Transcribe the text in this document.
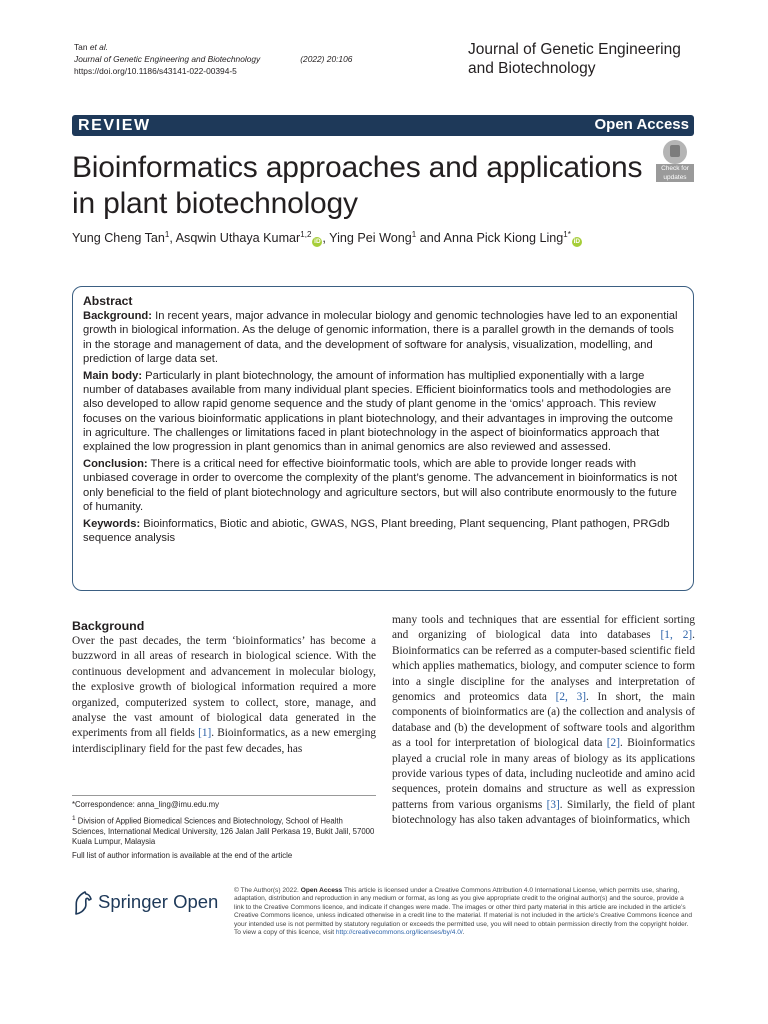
Tan et al.
Journal of Genetic Engineering and Biotechnology	(2022) 20:106
https://doi.org/10.1186/s43141-022-00394-5
Journal of Genetic Engineering
and Biotechnology
REVIEW	Open Access
Bioinformatics approaches and applications
in plant biotechnology
Check for
updates
Yung Cheng Tan$^1$, Asqwin Uthaya Kumar$^{1,2}$iD , Ying Pei Wong$^1$ and Anna Pick Kiong Ling$^{1*}$iD
Abstract

Background: In recent years, major advance in molecular biology and genomic technologies have led to an exponential growth in biological information. As the deluge of genomic information, there is a parallel growth in the demands of tools in the storage and management of data, and the development of software for analysis, visualization, modelling, and prediction of large data set.

Main body: Particularly in plant biotechnology, the amount of information has multiplied exponentially with a large number of databases available from many individual plant species. Efficient bioinformatics tools and methodologies are also developed to allow rapid genome sequence and the study of plant genome in the ‘omics’ approach. This review focuses on the various bioinformatic applications in plant biotechnology, and their advantages in improving the outcome in agriculture. The challenges or limitations faced in plant biotechnology in the aspect of bioinformatics approach that explained the low progression in plant genomics than in animal genomics are also reviewed and assessed.

Conclusion: There is a critical need for effective bioinformatic tools, which are able to provide longer reads with unbiased coverage in order to overcome the complexity of the plant’s genome. The advancement in bioinformatics is not only beneficial to the field of plant biotechnology and agriculture sectors, but will also contribute enormously to the future of humanity.

Keywords: Bioinformatics, Biotic and abiotic, GWAS, NGS, Plant breeding, Plant sequencing, Plant pathogen, PRGdb sequence analysis

Background
Over the past decades, the term ‘bioinformatics’ has become a buzzword in all areas of research in biological science. With the continuous development and advancement in molecular biology, the explosive growth of biological information required a more organized, computerized system to collect, store, manage, and analyse the vast amount of biological data generated in the experiments from all fields [1]. Bioinformatics, as a new emerging interdisciplinary field for the past few decades, has
many tools and techniques that are essential for efficient sorting and organizing of biological data into databases [1, 2]. Bioinformatics can be referred as a computer-based scientific field which applies mathematics, biology, and computer science to form into a single discipline for the analyses and interpretation of genomics and proteomics data [2, 3]. In short, the main components of bioinformatics are (a) the collection and analysis of database and (b) the development of software tools and algorithm as a tool for interpretation of biological data [2]. Bioinformatics played a crucial role in many areas of biology as its applications provide various types of data, including nucleotide and amino acid sequences, protein domains and structure as well as expression patterns from various organisms [3]. Similarly, the field of plant biotechnology has also taken advantages of bioinformatics, which
*Correspondence: anna_ling@imu.edu.my
$^1$ Division of Applied Biomedical Sciences and Biotechnology, School of Health Sciences, International Medical University, 126 Jalan Jalil Perkasa 19, Bukit Jalil, 57000 Kuala Lumpur, Malaysia
Full list of author information is available at the end of the article
Springer Open
© The Author(s) 2022. Open Access This article is licensed under a Creative Commons Attribution 4.0 International License, which permits use, sharing, adaptation, distribution and reproduction in any medium or format, as long as you give appropriate credit to the original author(s) and the source, provide a link to the Creative Commons licence, and indicate if changes were made. The images or other third party material in this article are included in the article’s Creative Commons licence, unless indicated otherwise in a credit line to the material. If material is not included in the article’s Creative Commons licence and your intended use is not permitted by statutory regulation or exceeds the permitted use, you will need to obtain permission directly from the copyright holder. To view a copy of this licence, visit http://creativecommons.org/licenses/by/4.0/.
